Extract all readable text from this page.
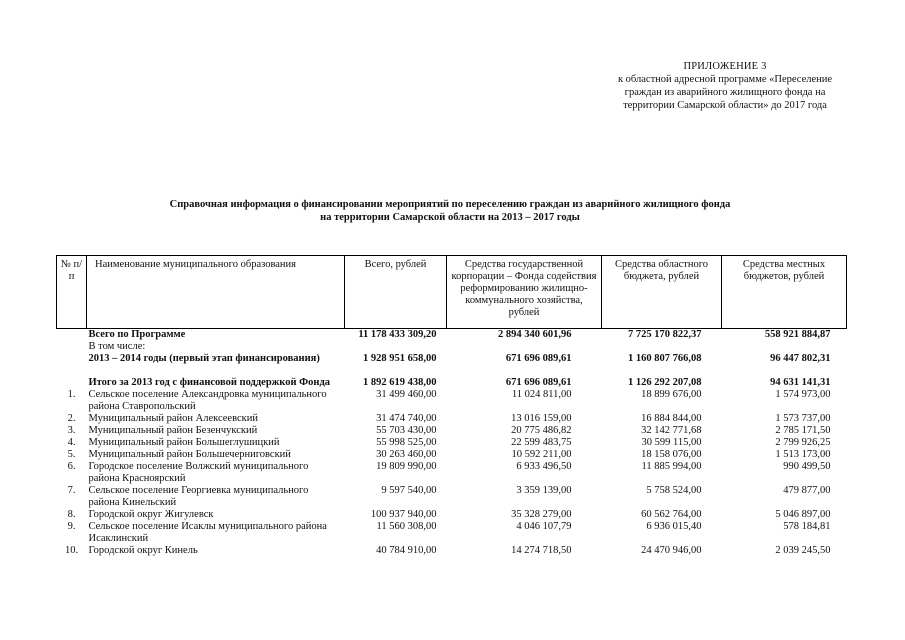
ПРИЛОЖЕНИЕ 3
к областной адресной программе «Переселение
граждан из аварийного жилищного фонда на
территории Самарской области» до 2017 года
Справочная информация о финансировании мероприятий по переселению граждан из аварийного жилищного фонда
на территории Самарской области на 2013 – 2017 годы
№ п/п	Наименование муниципального образования	Всего, рублей	Средства государственной корпорации – Фонда содействия реформированию жилищно-коммунального хозяйства, рублей	Средства областного бюджета, рублей	Средства местных бюджетов, рублей
	Всего по Программе	11 178 433 309,20	2 894 340 601,96	7 725 170 822,37	558 921 884,87
	В том числе:				
	2013 – 2014 годы (первый этап финансирования)	1 928 951 658,00	671 696 089,61	1 160 807 766,08	96 447 802,31

	Итого за 2013 год с финансовой поддержкой Фонда	1 892 619 438,00	671 696 089,61	1 126 292 207,08	94 631 141,31
1.	Сельское поселение Александровка муниципального района Ставропольский	31 499 460,00	11 024 811,00	18 899 676,00	1 574 973,00
2.	Муниципальный район Алексеевский	31 474 740,00	13 016 159,00	16 884 844,00	1 573 737,00
3.	Муниципальный район Безенчукский	55 703 430,00	20 775 486,82	32 142 771,68	2 785 171,50
4.	Муниципальный район Большеглушицкий	55 998 525,00	22 599 483,75	30 599 115,00	2 799 926,25
5.	Муниципальный район Большечерниговский	30 263 460,00	10 592 211,00	18 158 076,00	1 513 173,00
6.	Городское поселение Волжский муниципального района Красноярский	19 809 990,00	6 933 496,50	11 885 994,00	990 499,50
7.	Сельское поселение Георгиевка муниципального района Кинельский	9 597 540,00	3 359 139,00	5 758 524,00	479 877,00
8.	Городской округ Жигулевск	100 937 940,00	35 328 279,00	60 562 764,00	5 046 897,00
9.	Сельское поселение Исаклы муниципального района Исаклинский	11 560 308,00	4 046 107,79	6 936 015,40	578 184,81
10.	Городской округ Кинель	40 784 910,00	14 274 718,50	24 470 946,00	2 039 245,50
